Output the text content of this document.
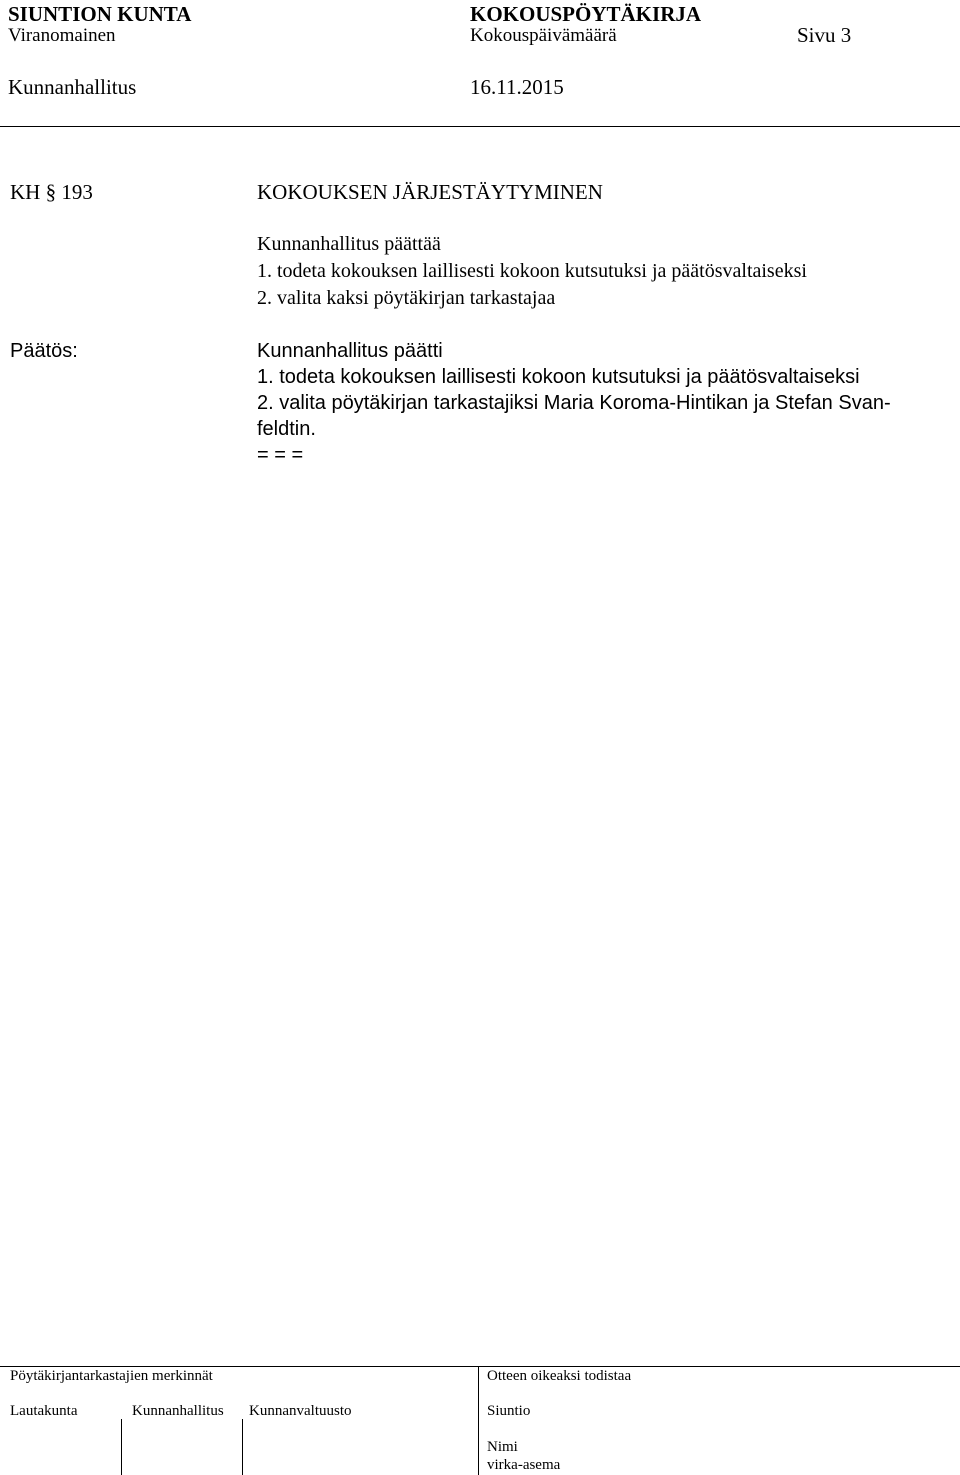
SIUNTION KUNTA	KOKOUSPÖYTÄKIRJA
Viranomainen	Kokouspäivämäärä	Sivu 3
Kunnanhallitus	16.11.2015
KH § 193	KOKOUKSEN JÄRJESTÄYTYMINEN
Kunnanhallitus päättää
1. todeta kokouksen laillisesti kokoon kutsutuksi ja päätösvaltaiseksi
2. valita kaksi pöytäkirjan tarkastajaa
Päätös:	Kunnanhallitus päätti
1. todeta kokouksen laillisesti kokoon kutsutuksi ja päätösvaltaiseksi
2. valita pöytäkirjan tarkastajiksi Maria Koroma-Hintikan ja Stefan Svan-
feldtin.
= = =
Pöytäkirjantarkastajien merkinnät	Otteen oikeaksi todistaa
Lautakunta	Kunnanhallitus Kunnanvaltuusto	Siuntio
Nimi
virka-asema
